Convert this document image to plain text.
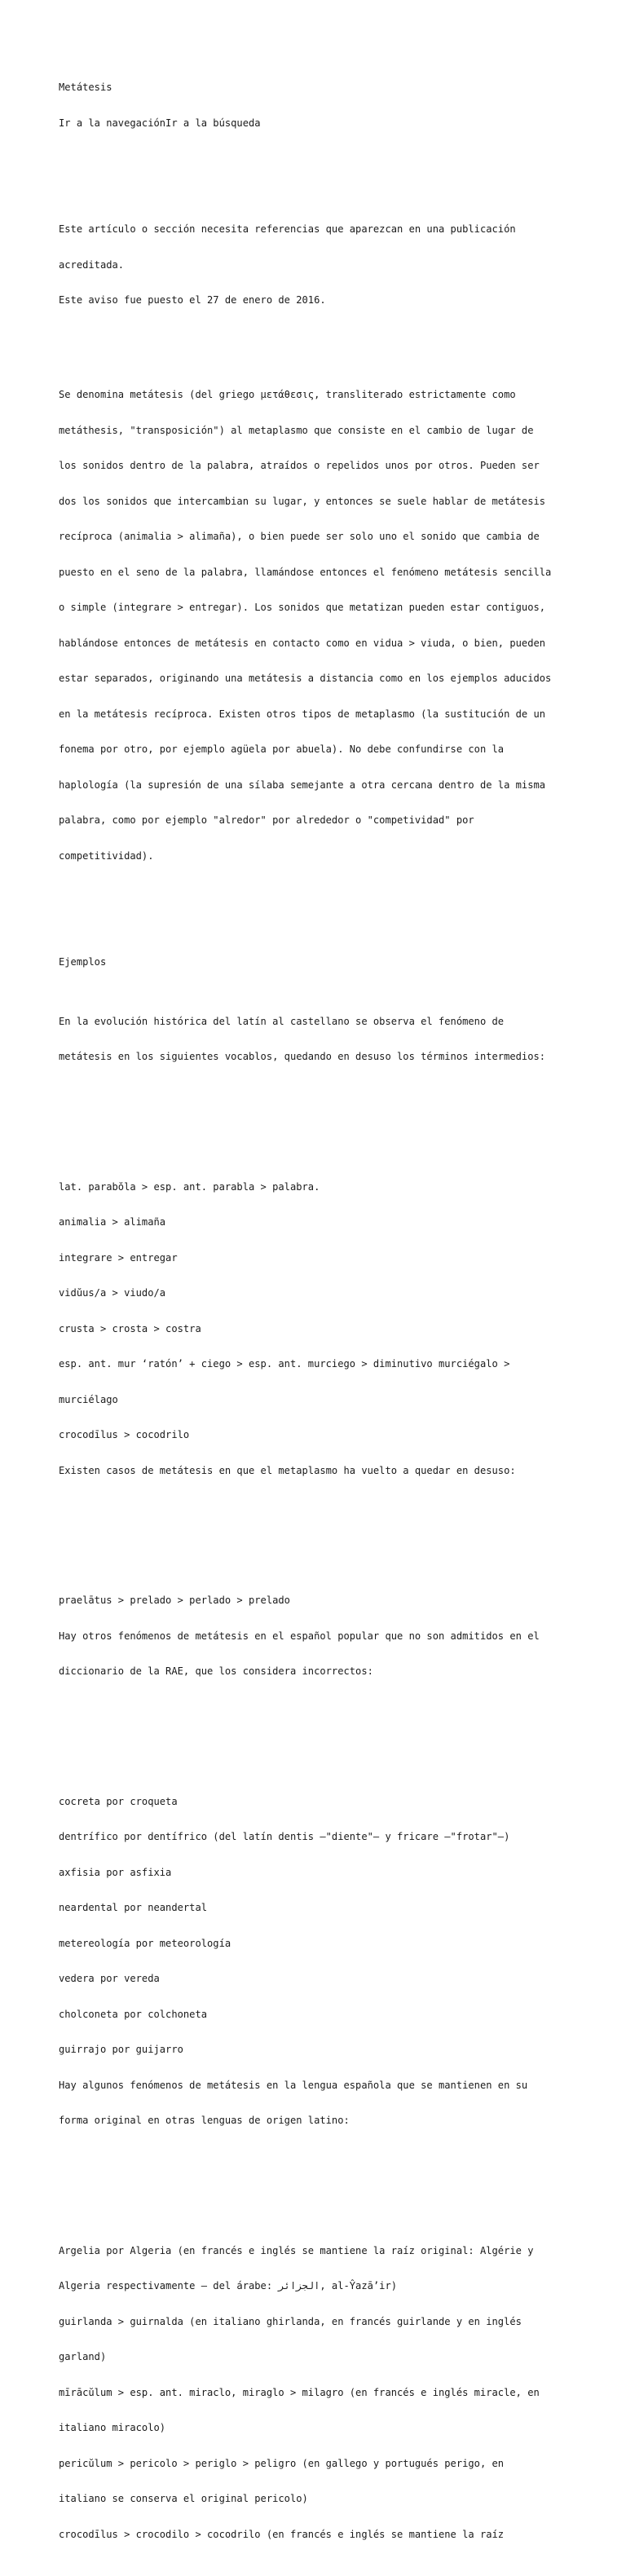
Metátesis

Ir a la navegaciónIr a la búsqueda

Este artículo o sección necesita referencias que aparezcan en una publicación

acreditada.

Este aviso fue puesto el 27 de enero de 2016.

Se denomina metátesis (del griego μετάθεσις, transliterado estrictamente como

metáthesis, "transposición") al metaplasmo que consiste en el cambio de lugar de

los sonidos dentro de la palabra, atraídos o repelidos unos por otros. Pueden ser

dos los sonidos que intercambian su lugar, y entonces se suele hablar de metátesis

recíproca (animalia > alimaña), o bien puede ser solo uno el sonido que cambia de

puesto en el seno de la palabra, llamándose entonces el fenómeno metátesis sencilla

o simple (integrare > entregar). Los sonidos que metatizan pueden estar contiguos,

hablándose entonces de metátesis en contacto como en vidua > viuda, o bien, pueden

estar separados, originando una metátesis a distancia como en los ejemplos aducidos

en la metátesis recíproca. Existen otros tipos de metaplasmo (la sustitución de un

fonema por otro, por ejemplo agüela por abuela). No debe confundirse con la

haplología (la supresión de una sílaba semejante a otra cercana dentro de la misma

palabra, como por ejemplo "alredor" por alrededor o "competividad" por

competitividad).

Ejemplos

En la evolución histórica del latín al castellano se observa el fenómeno de

metátesis en los siguientes vocablos, quedando en desuso los términos intermedios:

lat. parabŏla > esp. ant. parabla > palabra.

animalia > alimaña

integrare > entregar

vidŭus/a > viudo/a

crusta > crosta > costra

esp. ant. mur ‘ratón’ + ciego > esp. ant. murciego > diminutivo murciégalo >

murciélago

crocodīlus > cocodrilo

Existen casos de metátesis en que el metaplasmo ha vuelto a quedar en desuso:

praelātus > prelado > perlado > prelado

Hay otros fenómenos de metátesis en el español popular que no son admitidos en el

diccionario de la RAE, que los considera incorrectos:

cocreta por croqueta

dentrífico por dentífrico (del latín dentis –"diente"– y fricare –"frotar"–)

axfisia por asfixia

neardental por neandertal

metereología por meteorología

vedera por vereda

cholconeta por colchoneta

guirrajo por guijarro

Hay algunos fenómenos de metátesis en la lengua española que se mantienen en su

forma original en otras lenguas de origen latino:

Argelia por Algeria (en francés e inglés se mantiene la raíz original: Algérie y

Algeria respectivamente – del árabe: الجزائر, al-Ŷazā’ir)

guirlanda > guirnalda (en italiano ghirlanda, en francés guirlande y en inglés

garland)

mīrācŭlum > esp. ant. miraclo, miraglo > milagro (en francés e inglés miracle, en

italiano miracolo)

pericŭlum > pericolo > periglo > peligro (en gallego y portugués perigo, en

italiano se conserva el original pericolo)

crocodīlus > crocodilo > cocodrilo (en francés e inglés se mantiene la raíz
